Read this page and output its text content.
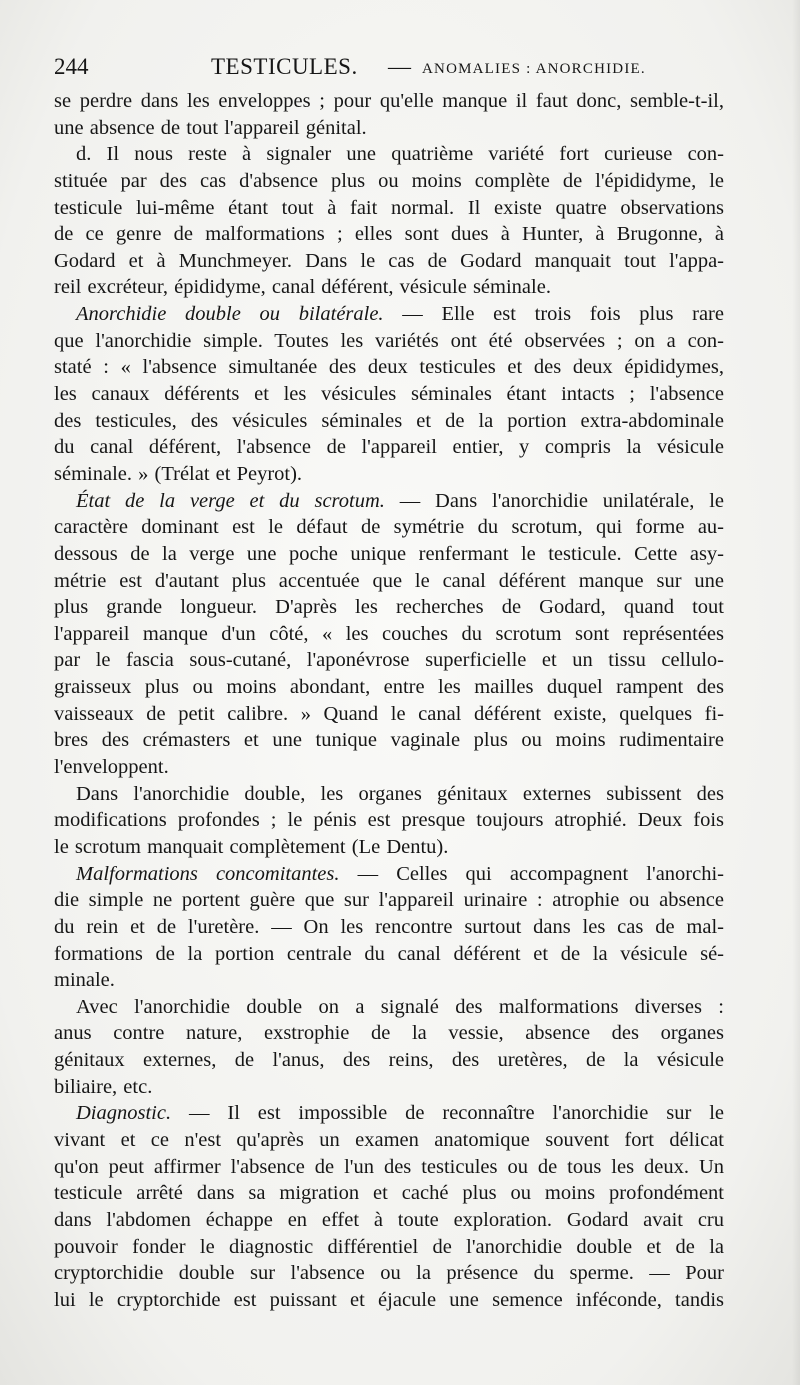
244	TESTICULES. — ANOMALIES : ANORCHIDIE.
se perdre dans les enveloppes ; pour qu'elle manque il faut donc, semble-t-il,
une absence de tout l'appareil génital.
d. Il nous reste à signaler une quatrième variété fort curieuse con-
stituée par des cas d'absence plus ou moins complète de l'épididyme, le
testicule lui-même étant tout à fait normal. Il existe quatre observations
de ce genre de malformations ; elles sont dues à Hunter, à Brugonne, à
Godard et à Munchmeyer. Dans le cas de Godard manquait tout l'appa-
reil excréteur, épididyme, canal déférent, vésicule séminale.
Anorchidie double ou bilatérale. — Elle est trois fois plus rare
que l'anorchidie simple. Toutes les variétés ont été observées ; on a con-
staté : « l'absence simultanée des deux testicules et des deux épididymes,
les canaux déférents et les vésicules séminales étant intacts ; l'absence
des testicules, des vésicules séminales et de la portion extra-abdominale
du canal déférent, l'absence de l'appareil entier, y compris la vésicule
séminale. » (Trélat et Peyrot).
État de la verge et du scrotum. — Dans l'anorchidie unilatérale, le
caractère dominant est le défaut de symétrie du scrotum, qui forme au-
dessous de la verge une poche unique renfermant le testicule. Cette asy-
métrie est d'autant plus accentuée que le canal déférent manque sur une
plus grande longueur. D'après les recherches de Godard, quand tout
l'appareil manque d'un côté, « les couches du scrotum sont représentées
par le fascia sous-cutané, l'aponévrose superficielle et un tissu cellulo-
graisseux plus ou moins abondant, entre les mailles duquel rampent des
vaisseaux de petit calibre. » Quand le canal déférent existe, quelques fi-
bres des crémasters et une tunique vaginale plus ou moins rudimentaire
l'enveloppent.
Dans l'anorchidie double, les organes génitaux externes subissent des
modifications profondes ; le pénis est presque toujours atrophié. Deux fois
le scrotum manquait complètement (Le Dentu).
Malformations concomitantes. — Celles qui accompagnent l'anorchi-
die simple ne portent guère que sur l'appareil urinaire : atrophie ou absence
du rein et de l'uretère. — On les rencontre surtout dans les cas de mal-
formations de la portion centrale du canal déférent et de la vésicule sé-
minale.
Avec l'anorchidie double on a signalé des malformations diverses :
anus contre nature, exstrophie de la vessie, absence des organes
génitaux externes, de l'anus, des reins, des uretères, de la vésicule
biliaire, etc.
Diagnostic. — Il est impossible de reconnaître l'anorchidie sur le
vivant et ce n'est qu'après un examen anatomique souvent fort délicat
qu'on peut affirmer l'absence de l'un des testicules ou de tous les deux. Un
testicule arrêté dans sa migration et caché plus ou moins profondément
dans l'abdomen échappe en effet à toute exploration. Godard avait cru
pouvoir fonder le diagnostic différentiel de l'anorchidie double et de la
cryptorchidie double sur l'absence ou la présence du sperme. — Pour
lui le cryptorchide est puissant et éjacule une semence inféconde, tandis
